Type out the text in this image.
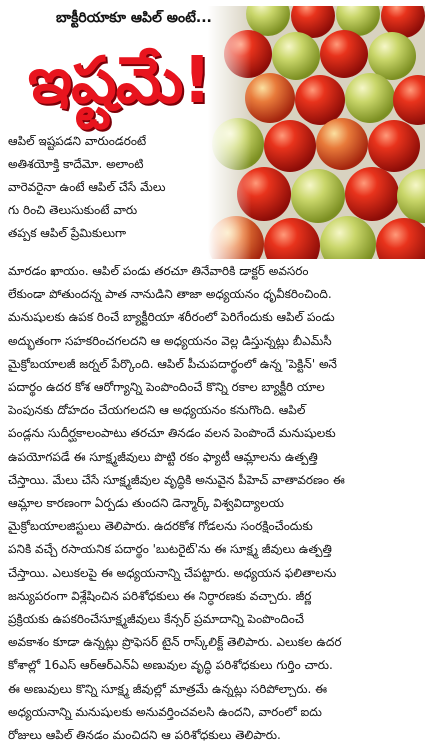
బాక్టీరియాకూ ఆపిల్ అంటే...
ఇష్టమే!
ఆపిల్ ఇష్టపడని వారుండరంటే
అతిశయోక్తి కాదేమో. అలాంటి
వారెవరైనా ఉంటే ఆపిల్ చేసే మేలు
గు రించి తెలుసుకుంటే వారు
తప్పక ఆపిల్ ప్రేమికులుగా
మారడం ఖాయం. ఆపిల్ పండు తరచూ తినేవారికి డాక్టర్ అవసరం
లేకుండా పోతుందన్న పాత నానుడిని తాజా అధ్యయనం ధృవీకరించింది.
మనుషులకు ఉపక రించే బ్యాక్టీరియా శరీరంలో పెరిగేందుకు ఆపిల్ పండు
అద్భుతంగా సహకరించగలదని ఆ అధ్యయనం వెల్ల డిస్తున్నట్లు బీఎమ్‌సీ
మైక్రోబయాలజీ జర్నల్ పేర్కొంది. ఆపిల్ పీచుపదార్థంలో ఉన్న 'పెక్టిన్' అనే
పదార్థం ఉదర కోశ ఆరోగ్యాన్ని పెంపొందించే కొన్ని రకాల బ్యాక్టీరి యాల
పెంపునకు దోహదం చేయగలదని ఆ అధ్యయనం కనుగొంది. ఆపిల్
పండ్లను సుదీర్ఘకాలంపాటు తరచూ తినడం వలన పెంపొందే మనుషులకు
ఉపయోగపడే ఈ సూక్ష్మజీవులు పొట్టి రకం ఫ్యాటీ ఆమ్లాలను ఉత్పత్తి
చేస్తాయి. మేలు చేసే సూక్ష్మజీవుల వృద్ధికి అనువైన పీహెచ్ వాతావరణం ఈ
ఆమ్లాల కారణంగా ఏర్పడు తుందని డెన్మార్క్ విశ్వవిద్యాలయ
మైక్రోబయాలజిస్టులు తెలిపారు. ఉదరకోశ గోడలను సంరక్షించేందుకు
పనికి వచ్చే రసాయనిక పదార్థం 'బుటరైట్'ను ఈ సూక్ష్మ జీవులు ఉత్పత్తి
చేస్తాయి. ఎలుకలపై ఈ అధ్యయనాన్ని చేపట్టారు. అధ్యయన ఫలితాలను
జన్యుపరంగా విశ్లేషించిన పరిశోధకులు ఈ నిర్ధారణకు వచ్చారు. జీర్ణ
ప్రక్రియకు ఉపకరించేసూక్ష్మజీవులు కేన్సర్ ప్రమాదాన్ని పెంపొందించే
అవకాశం కూడా ఉన్నట్లు ప్రొఫెసర్ టైన్ రాస్క్‌లిక్ట్ తెలిపారు. ఎలుకల ఉదర
కోశాల్లో 16ఎస్ ఆర్ఆర్ఎన్ఏ అణువుల వృద్ధి పరిశోధకులు గుర్తిం చారు.
ఈ అణువులు కొన్ని సూక్ష్మ జీవుల్లో మాత్రమే ఉన్నట్లు సరిపోల్చారు. ఈ
అధ్యయనాన్ని మనుషులకు అనువర్తించవలసి ఉందని, వారంలో ఐదు
రోజులు ఆపిల్ తినడం మంచిదని ఆ పరిశోధకులు తెలిపారు.
